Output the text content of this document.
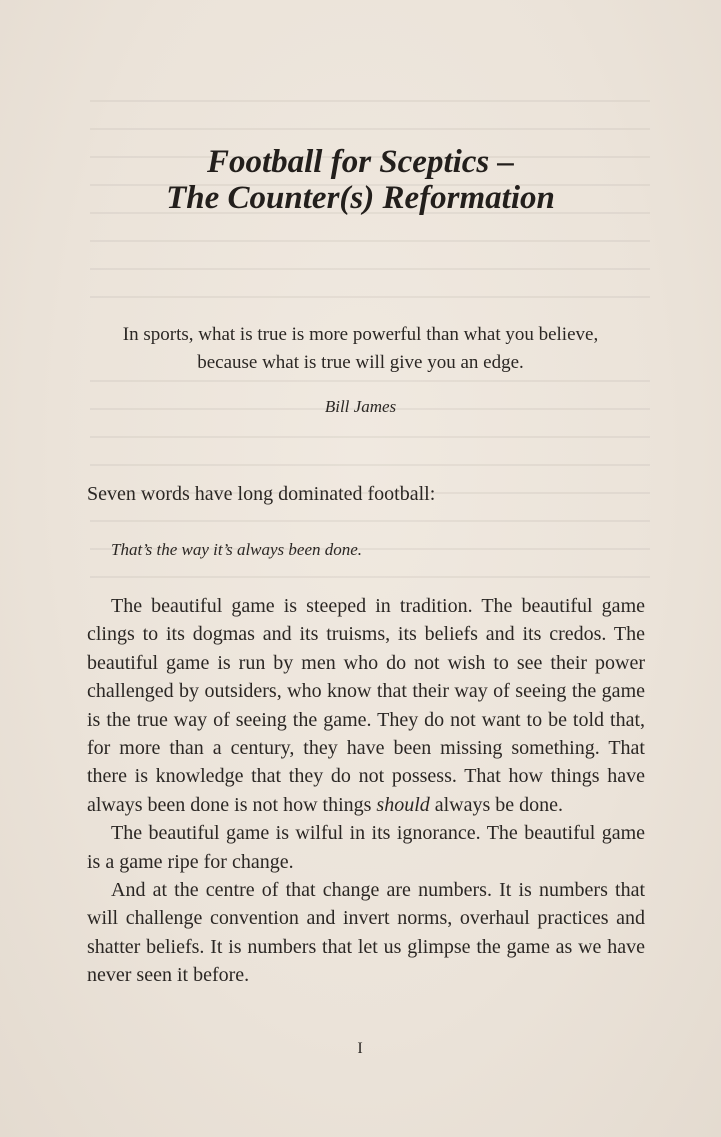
Football for Sceptics –
The Counter(s) Reformation
In sports, what is true is more powerful than what you believe,
because what is true will give you an edge.
Bill James
Seven words have long dominated football:
That’s the way it’s always been done.

The beautiful game is steeped in tradition. The beautiful game clings to its dogmas and its truisms, its beliefs and its credos. The beautiful game is run by men who do not wish to see their power challenged by outsiders, who know that their way of seeing the game is the true way of seeing the game. They do not want to be told that, for more than a century, they have been missing something. That there is knowledge that they do not possess. That how things have always been done is not how things should always be done.

The beautiful game is wilful in its ignorance. The beautiful game is a game ripe for change.

And at the centre of that change are numbers. It is numbers that will challenge convention and invert norms, overhaul practices and shatter beliefs. It is numbers that let us glimpse the game as we have never seen it before.

I
